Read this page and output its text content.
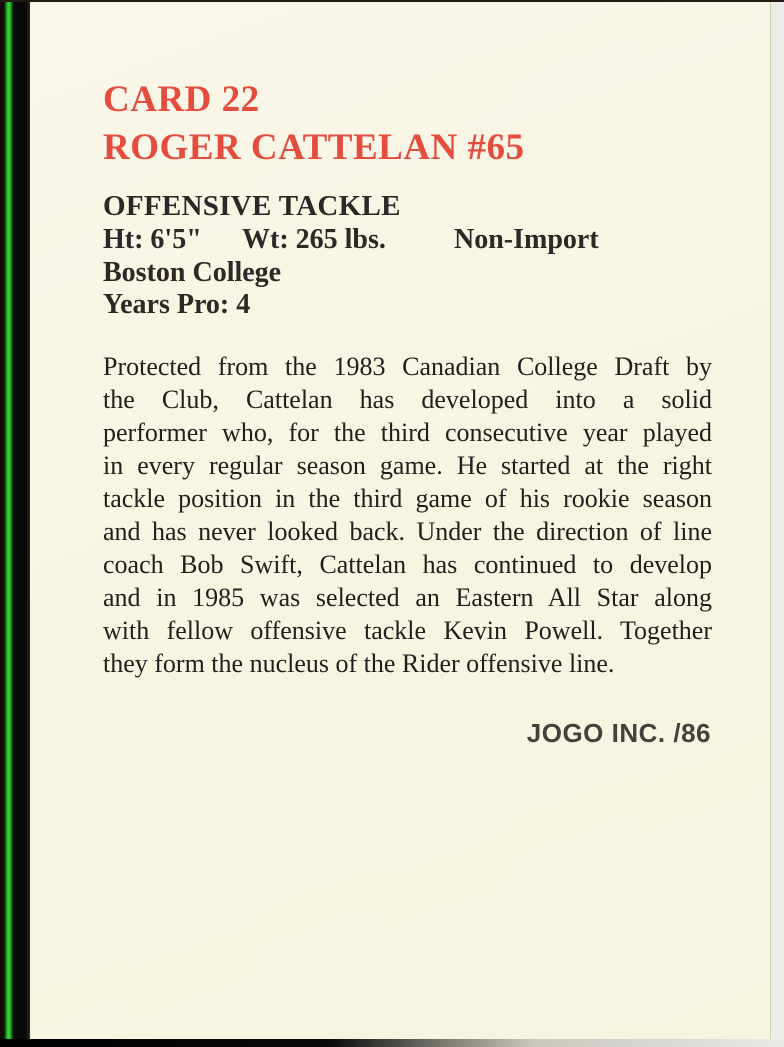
CARD 22
ROGER CATTELAN #65
OFFENSIVE TACKLE
Ht: 6'5" Wt: 265 lbs. Non-Import
Boston College
Years Pro: 4
Protected from the 1983 Canadian College Draft by
the Club, Cattelan has developed into a solid
performer who, for the third consecutive year played
in every regular season game. He started at the right
tackle position in the third game of his rookie season
and has never looked back. Under the direction of line
coach Bob Swift, Cattelan has continued to develop
and in 1985 was selected an Eastern All Star along
with fellow offensive tackle Kevin Powell. Together
they form the nucleus of the Rider offensive line.
JOGO INC. /86
